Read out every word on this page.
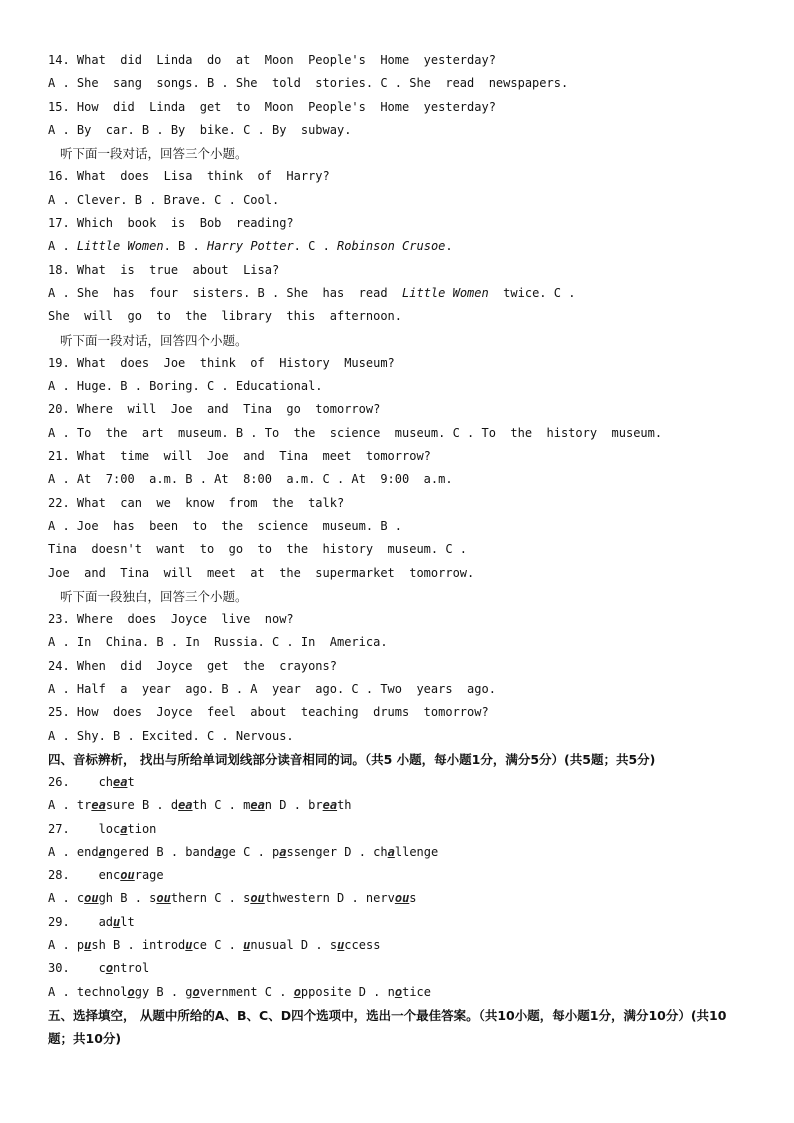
14. What  did  Linda  do  at  Moon  People's  Home  yesterday?
A . She  sang  songs. B . She  told  stories. C . She  read  newspapers.
15. How  did  Linda  get  to  Moon  People's  Home  yesterday?
A . By  car. B . By  bike. C . By  subway.
听下面一段对话，回答三个小题。
16. What  does  Lisa  think  of  Harry?
A . Clever. B . Brave. C . Cool.
17. Which  book  is  Bob  reading?
A . Little Women. B . Harry Potter. C . Robinson Crusoe.
18. What  is  true  about  Lisa?
A . She  has  four  sisters. B . She  has  read  Little Women  twice. C .
She  will  go  to  the  library  this  afternoon.
听下面一段对话，回答四个小题。
19. What  does  Joe  think  of  History  Museum?
A . Huge. B . Boring. C . Educational.
20. Where  will  Joe  and  Tina  go  tomorrow?
A . To  the  art  museum. B . To  the  science  museum. C . To  the  history  museum.
21. What  time  will  Joe  and  Tina  meet  tomorrow?
A . At  7:00  a.m. B . At  8:00  a.m. C . At  9:00  a.m.
22. What  can  we  know  from  the  talk?
A . Joe  has  been  to  the  science  museum. B .
Tina  doesn't  want  to  go  to  the  history  museum. C .
Joe  and  Tina  will  meet  at  the  supermarket  tomorrow.
听下面一段独白，回答三个小题。
23. Where  does  Joyce  live  now?
A . In  China. B . In  Russia. C . In  America.
24. When  did  Joyce  get  the  crayons?
A . Half  a  year  ago. B . A  year  ago. C . Two  years  ago.
25. How  does  Joyce  feel  about  teaching  drums  tomorrow?
A . Shy. B . Excited. C . Nervous.
四、音标辨析， 找出与所给单词划线部分读音相同的词。（共5 小题，每小题1分，满分5分）(共5题；共5分)
26.    cheat
A . treasure B . death C . mean D . breath
27.    location
A . endangered B . bandage C . passenger D . challenge
28.    encourage
A . cough B . southern C . southwestern D . nervous
29.    adult
A . push B . introduce C . unusual D . success
30.    control
A . technology B . government C . opposite D . notice
五、选择填空， 从题中所给的A、B、C、D四个选项中，选出一个最佳答案。（共10小题，每小题1分，满分10分）(共10题；共10分)
